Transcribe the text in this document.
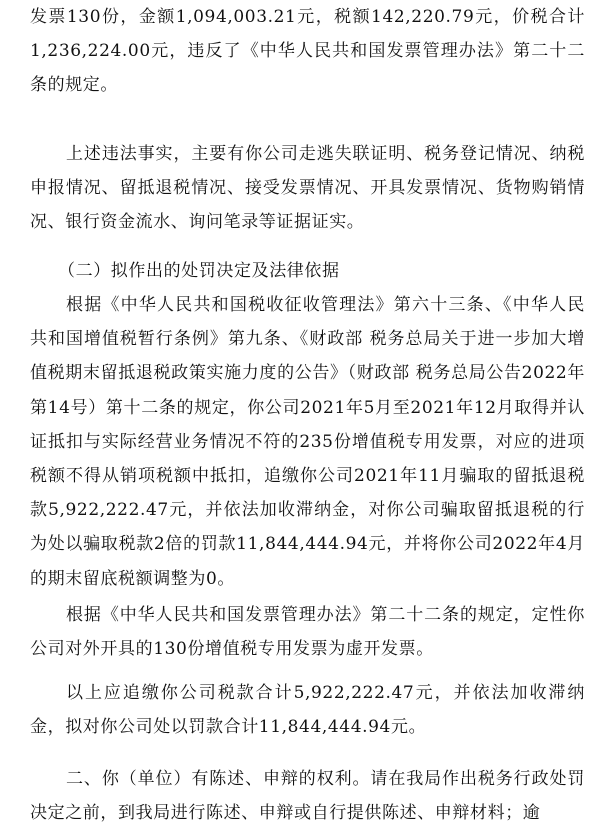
发票130份，金额1,094,003.21元，税额142,220.79元，价税合计1,236,224.00元，违反了《中华人民共和国发票管理办法》第二十二条的规定。

上述违法事实，主要有你公司走逃失联证明、税务登记情况、纳税申报情况、留抵退税情况、接受发票情况、开具发票情况、货物购销情况、银行资金流水、询问笔录等证据证实。

（二）拟作出的处罚决定及法律依据

根据《中华人民共和国税收征收管理法》第六十三条、《中华人民共和国增值税暂行条例》第九条、《财政部 税务总局关于进一步加大增值税期末留抵退税政策实施力度的公告》（财政部 税务总局公告2022年第14号）第十二条的规定，你公司2021年5月至2021年12月取得并认证抵扣与实际经营业务情况不符的235份增值税专用发票，对应的进项税额不得从销项税额中抵扣，追缴你公司2021年11月骗取的留抵退税款5,922,222.47元，并依法加收滞纳金，对你公司骗取留抵退税的行为处以骗取税款2倍的罚款11,844,444.94元，并将你公司2022年4月的期末留底税额调整为0。

根据《中华人民共和国发票管理办法》第二十二条的规定，定性你公司对外开具的130份增值税专用发票为虚开发票。

以上应追缴你公司税款合计5,922,222.47元，并依法加收滞纳金，拟对你公司处以罚款合计11,844,444.94元。

二、你（单位）有陈述、申辩的权利。请在我局作出税务行政处罚决定之前，到我局进行陈述、申辩或自行提供陈述、申辩材料；逾
